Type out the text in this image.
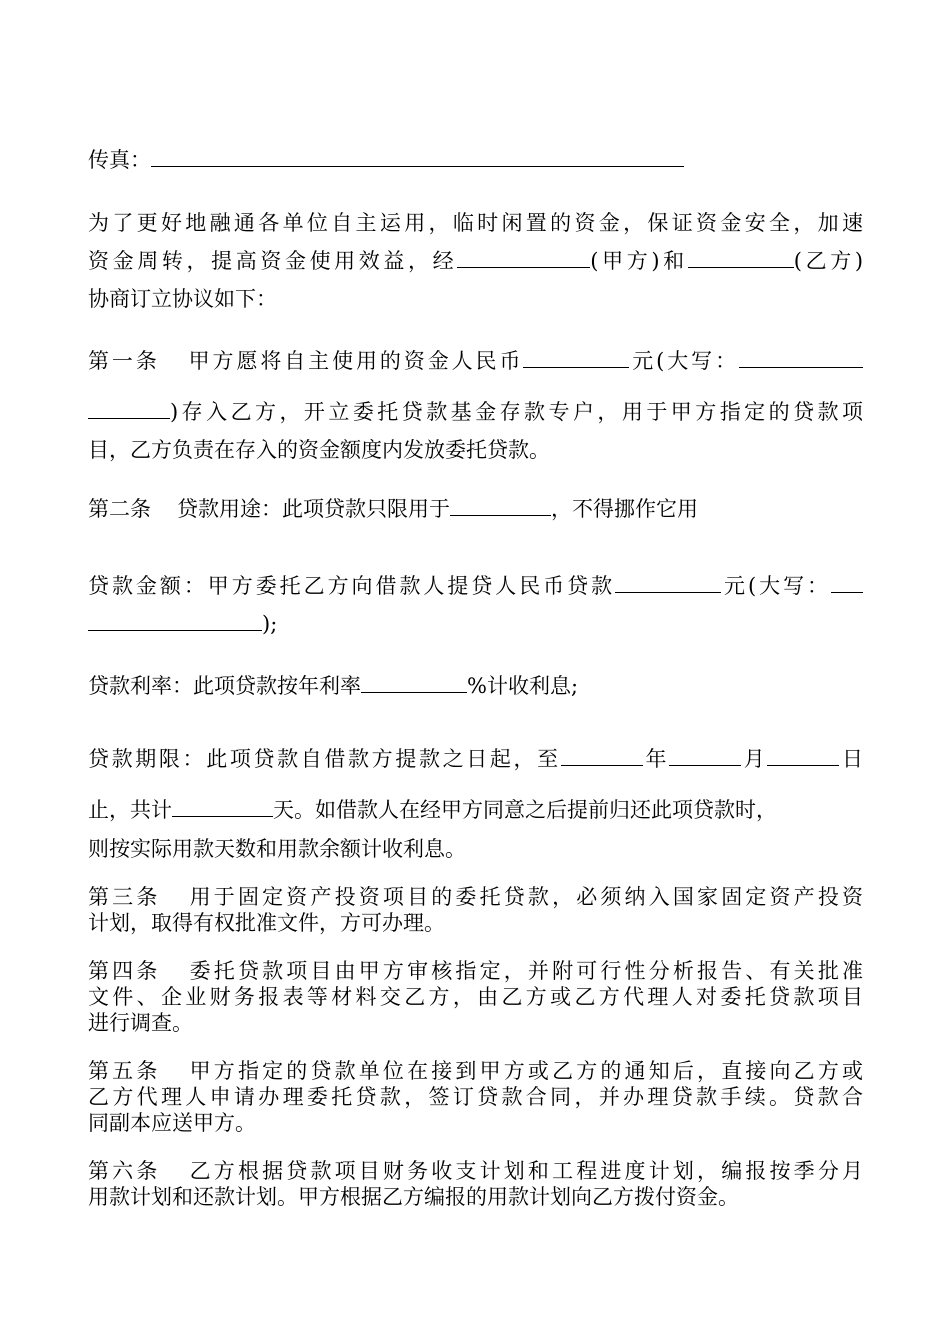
传真：
为了更好地融通各单位自主运用，临时闲置的资金，保证资金安全，加速
资金周转，提高资金使用效益，经	(甲方)和	(乙方)
协商订立协议如下：
第一条 甲方愿将自主使用的资金人民币	元(大写：
)存入乙方，开立委托贷款基金存款专户，用于甲方指定的贷款项
目，乙方负责在存入的资金额度内发放委托贷款。
第二条 贷款用途：此项贷款只限用于	，不得挪作它用
贷款金额：甲方委托乙方向借款人提贷人民币贷款	元(大写：
);
贷款利率：此项贷款按年利率	%计收利息;
贷款期限：此项贷款自借款方提款之日起，至	年	月	日
止，共计	天。如借款人在经甲方同意之后提前归还此项贷款时，
则按实际用款天数和用款余额计收利息。
第三条 用于固定资产投资项目的委托贷款，必须纳入国家固定资产投资
计划，取得有权批准文件，方可办理。
第四条 委托贷款项目由甲方审核指定，并附可行性分析报告、有关批准
文件、企业财务报表等材料交乙方，由乙方或乙方代理人对委托贷款项目
进行调查。
第五条 甲方指定的贷款单位在接到甲方或乙方的通知后，直接向乙方或
乙方代理人申请办理委托贷款，签订贷款合同，并办理贷款手续。贷款合
同副本应送甲方。
第六条 乙方根据贷款项目财务收支计划和工程进度计划，编报按季分月
用款计划和还款计划。甲方根据乙方编报的用款计划向乙方拨付资金。
